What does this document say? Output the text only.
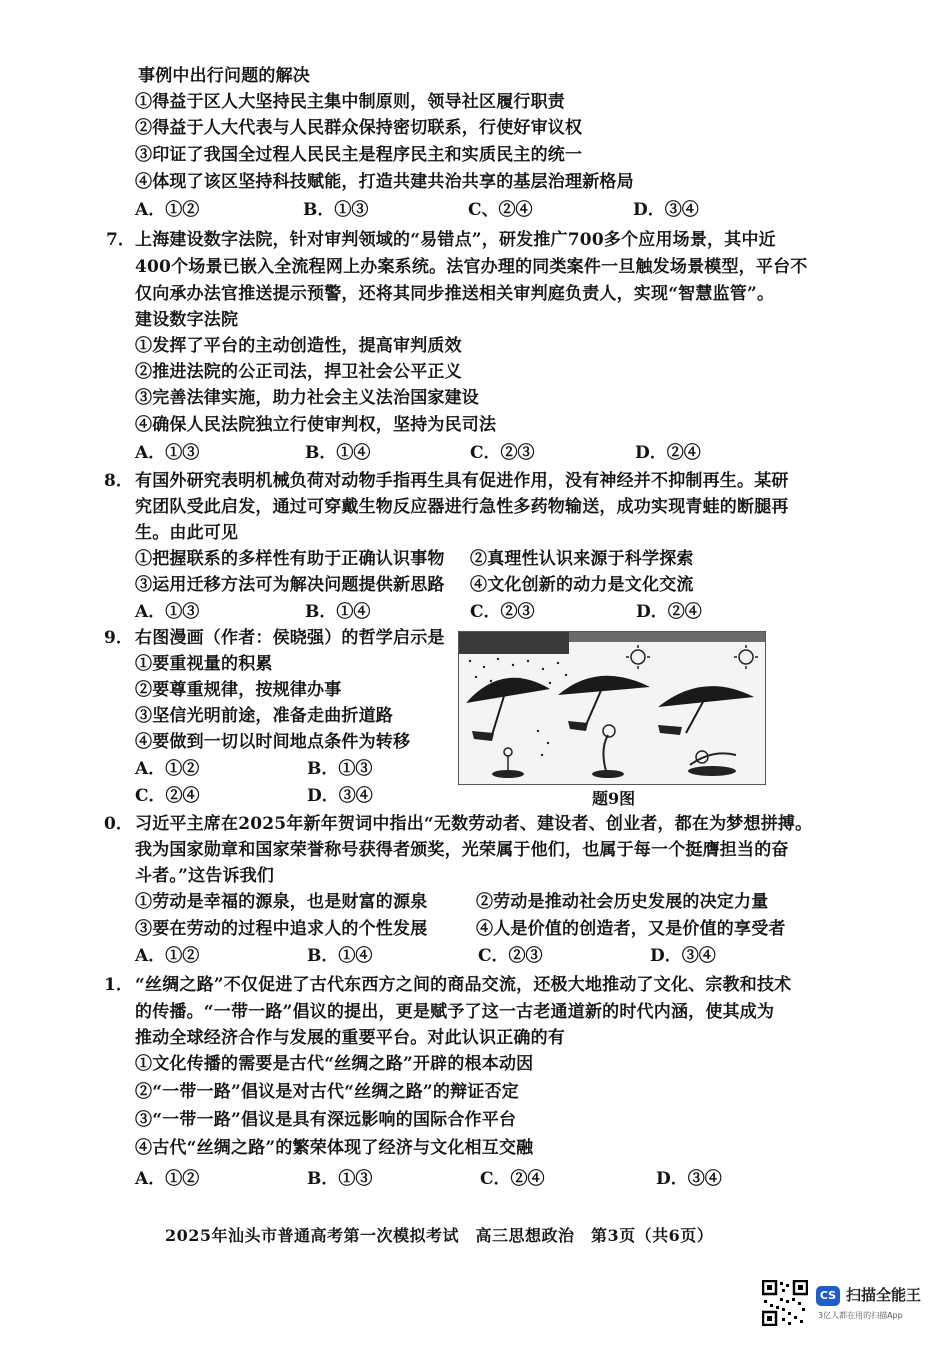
事例中出行问题的解决
①得益于区人大坚持民主集中制原则，领导社区履行职责
②得益于人大代表与人民群众保持密切联系，行使好审议权
③印证了我国全过程人民民主是程序民主和实质民主的统一
④体现了该区坚持科技赋能，打造共建共治共享的基层治理新格局
A．①②	B．①③	C、②④	D．③④
7． 上海建设数字法院，针对审判领域的“易错点”，研发推广700多个应用场景，其中近
400个场景已嵌入全流程网上办案系统。法官办理的同类案件一旦触发场景模型，平台不
仅向承办法官推送提示预警，还将其同步推送相关审判庭负责人，实现“智慧监管”。
建设数字法院
①发挥了平台的主动创造性，提高审判质效
②推进法院的公正司法，捍卫社会公平正义
③完善法律实施，助力社会主义法治国家建设
④确保人民法院独立行使审判权，坚持为民司法
A．①③	B．①④	C．②③	D．②④
8． 有国外研究表明机械负荷对动物手指再生具有促进作用，没有神经并不抑制再生。某研
究团队受此启发，通过可穿戴生物反应器进行急性多药物输送，成功实现青蛙的断腿再
生。由此可见
①把握联系的多样性有助于正确认识事物 ②真理性认识来源于科学探索
③运用迁移方法可为解决问题提供新思路 ④文化创新的动力是文化交流
A．①③	B．①④	C．②③	D．②④
9． 右图漫画（作者：侯晓强）的哲学启示是
①要重视量的积累
②要尊重规律，按规律办事
③坚信光明前途，准备走曲折道路
④要做到一切以时间地点条件为转移
A．①②	B．①③
C．②④	D．③④	题9图
0． 习近平主席在2025年新年贺词中指出“无数劳动者、建设者、创业者，都在为梦想拼搏。
我为国家勋章和国家荣誉称号获得者颁奖，光荣属于他们，也属于每一个挺膺担当的奋
斗者。”这告诉我们
①劳动是幸福的源泉，也是财富的源泉	②劳动是推动社会历史发展的决定力量
③要在劳动的过程中追求人的个性发展	④人是价值的创造者，又是价值的享受者
A．①②	B．①④	C．②③	D．③④
1． “丝绸之路”不仅促进了古代东西方之间的商品交流，还极大地推动了文化、宗教和技术
的传播。“一带一路”倡议的提出，更是赋予了这一古老通道新的时代内涵，使其成为
推动全球经济合作与发展的重要平台。对此认识正确的有
①文化传播的需要是古代“丝绸之路”开辟的根本动因
②“一带一路”倡议是对古代“丝绸之路”的辩证否定
③“一带一路”倡议是具有深远影响的国际合作平台
④古代“丝绸之路”的繁荣体现了经济与文化相互交融
A．①②	B．①③	C．②④	D．③④
2025年汕头市普通高考第一次模拟考试　高三思想政治　第3页（共6页）
CS 扫描全能王
3亿人都在用的扫描App
